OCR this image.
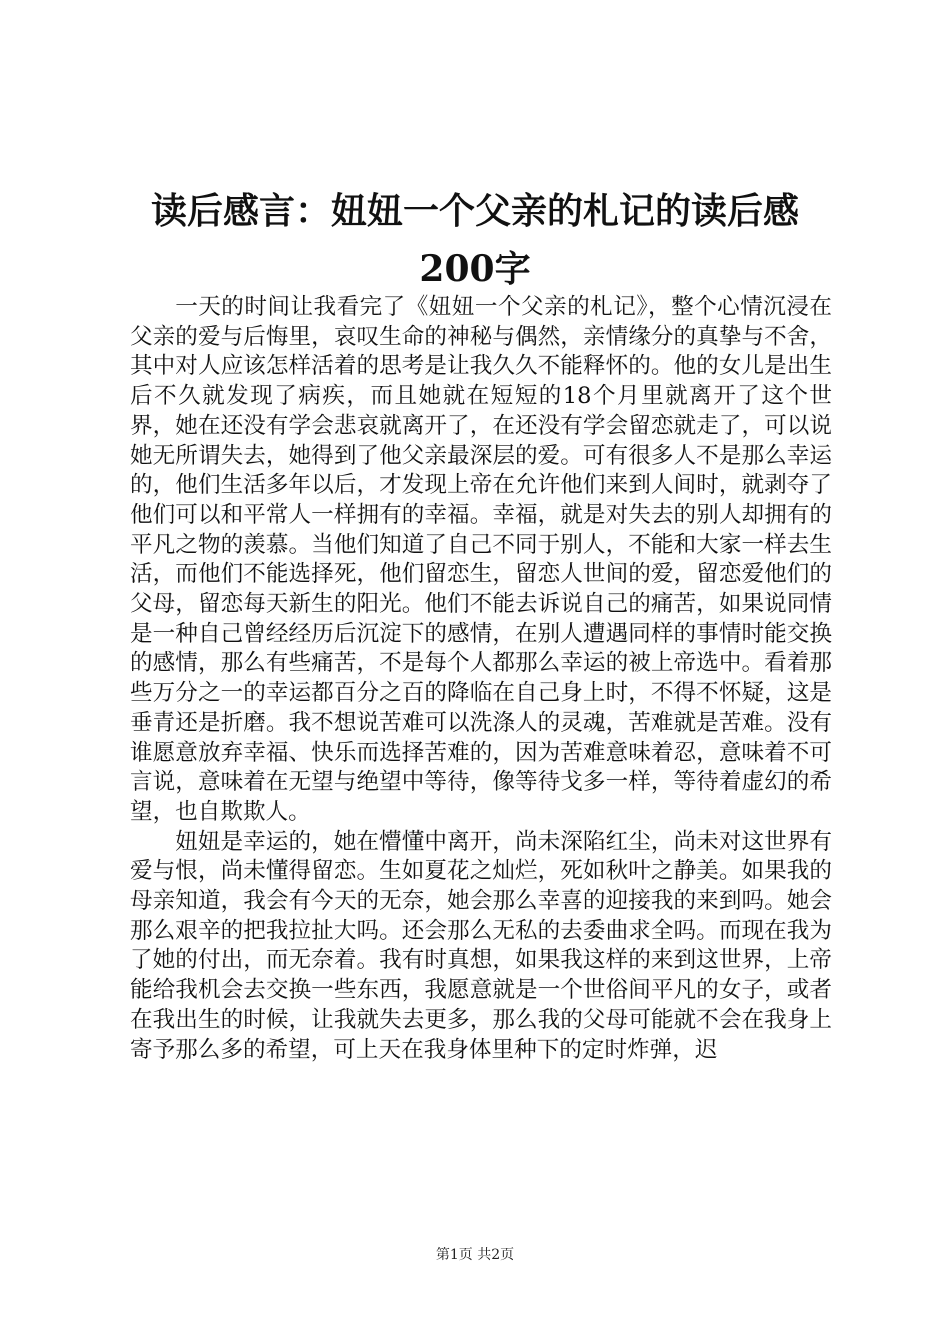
读后感言：妞妞一个父亲的札记的读后感200字

一天的时间让我看完了《妞妞一个父亲的札记》，整个心情沉浸在父亲的爱与后悔里，哀叹生命的神秘与偶然，亲情缘分的真挚与不舍，其中对人应该怎样活着的思考是让我久久不能释怀的。他的女儿是出生后不久就发现了病疾，而且她就在短短的18个月里就离开了这个世界，她在还没有学会悲哀就离开了，在还没有学会留恋就走了，可以说她无所谓失去，她得到了他父亲最深层的爱。可有很多人不是那么幸运的，他们生活多年以后，才发现上帝在允许他们来到人间时，就剥夺了他们可以和平常人一样拥有的幸福。幸福，就是对失去的别人却拥有的平凡之物的羡慕。当他们知道了自己不同于别人，不能和大家一样去生活，而他们不能选择死，他们留恋生，留恋人世间的爱，留恋爱他们的父母，留恋每天新生的阳光。他们不能去诉说自己的痛苦，如果说同情是一种自己曾经经历后沉淀下的感情，在别人遭遇同样的事情时能交换的感情，那么有些痛苦，不是每个人都那么幸运的被上帝选中。看着那些万分之一的幸运都百分之百的降临在自己身上时，不得不怀疑，这是垂青还是折磨。我不想说苦难可以洗涤人的灵魂，苦难就是苦难。没有谁愿意放弃幸福、快乐而选择苦难的，因为苦难意味着忍，意味着不可言说，意味着在无望与绝望中等待，像等待戈多一样，等待着虚幻的希望，也自欺欺人。

妞妞是幸运的，她在懵懂中离开，尚未深陷红尘，尚未对这世界有爱与恨，尚未懂得留恋。生如夏花之灿烂，死如秋叶之静美。如果我的母亲知道，我会有今天的无奈，她会那么幸喜的迎接我的来到吗。她会那么艰辛的把我拉扯大吗。还会那么无私的去委曲求全吗。而现在我为了她的付出，而无奈着。我有时真想，如果我这样的来到这世界，上帝能给我机会去交换一些东西，我愿意就是一个世俗间平凡的女子，或者在我出生的时候，让我就失去更多，那么我的父母可能就不会在我身上寄予那么多的希望，可上天在我身体里种下的定时炸弹，迟

第1页 共2页
